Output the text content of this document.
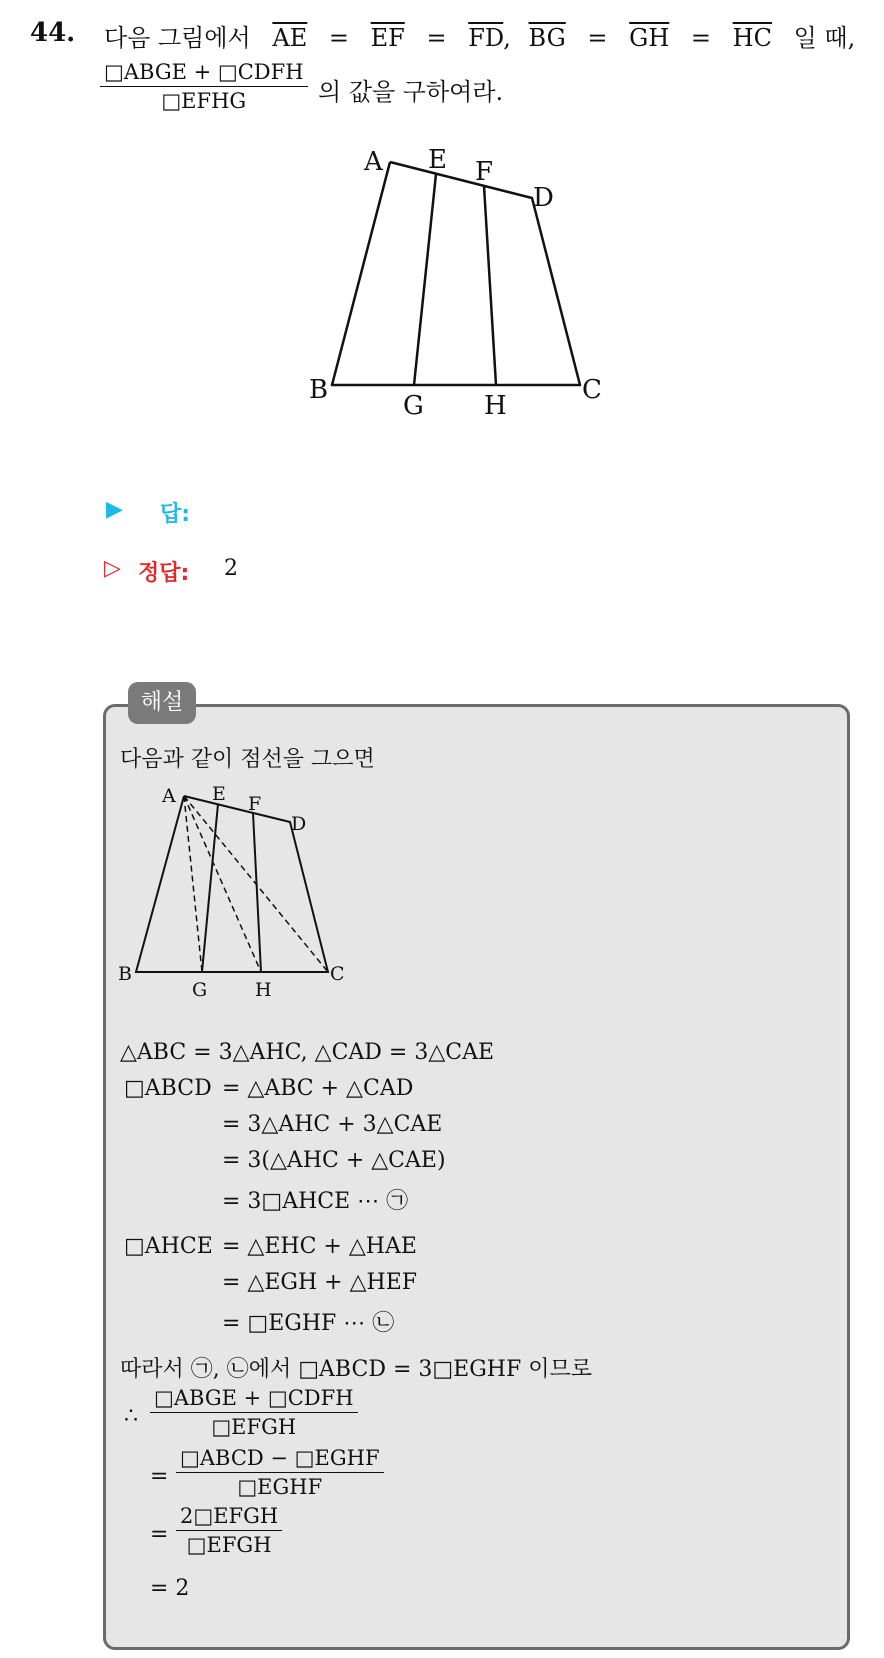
44. 다음 그림에서 $\overline{AE} = \overline{EF} = \overline{FD}$, $\overline{BG} = \overline{GH} = \overline{HC}$ 일 때,
□ABGE + □CDFH
□EFHG	의 값을 구하여라.
A E F
D
B
G H
C
▶ 답:
▷ 정답: 2
해설
다음과 같이 점선을 그으면
A E F
D
B
G	H
C
△ABC = 3△AHC, △CAD = 3△CAE
□ABCD = △ABC + △CAD
= 3△AHC + 3△CAE
= 3(△AHC + △CAE)
= 3□AHCE ⋯ ㉠
□AHCE = △EHC + △HAE
= △EGH + △HEF
= □EGHF ⋯ ㉡
따라서 ㉠, ㉡에서 □ABCD = 3□EGHF 이므로
∴
□ABGE + □CDFH
□EFGH
=
□ABCD − □EGHF
□EGHF
=
2□EFGH
□EFGH
= 2
